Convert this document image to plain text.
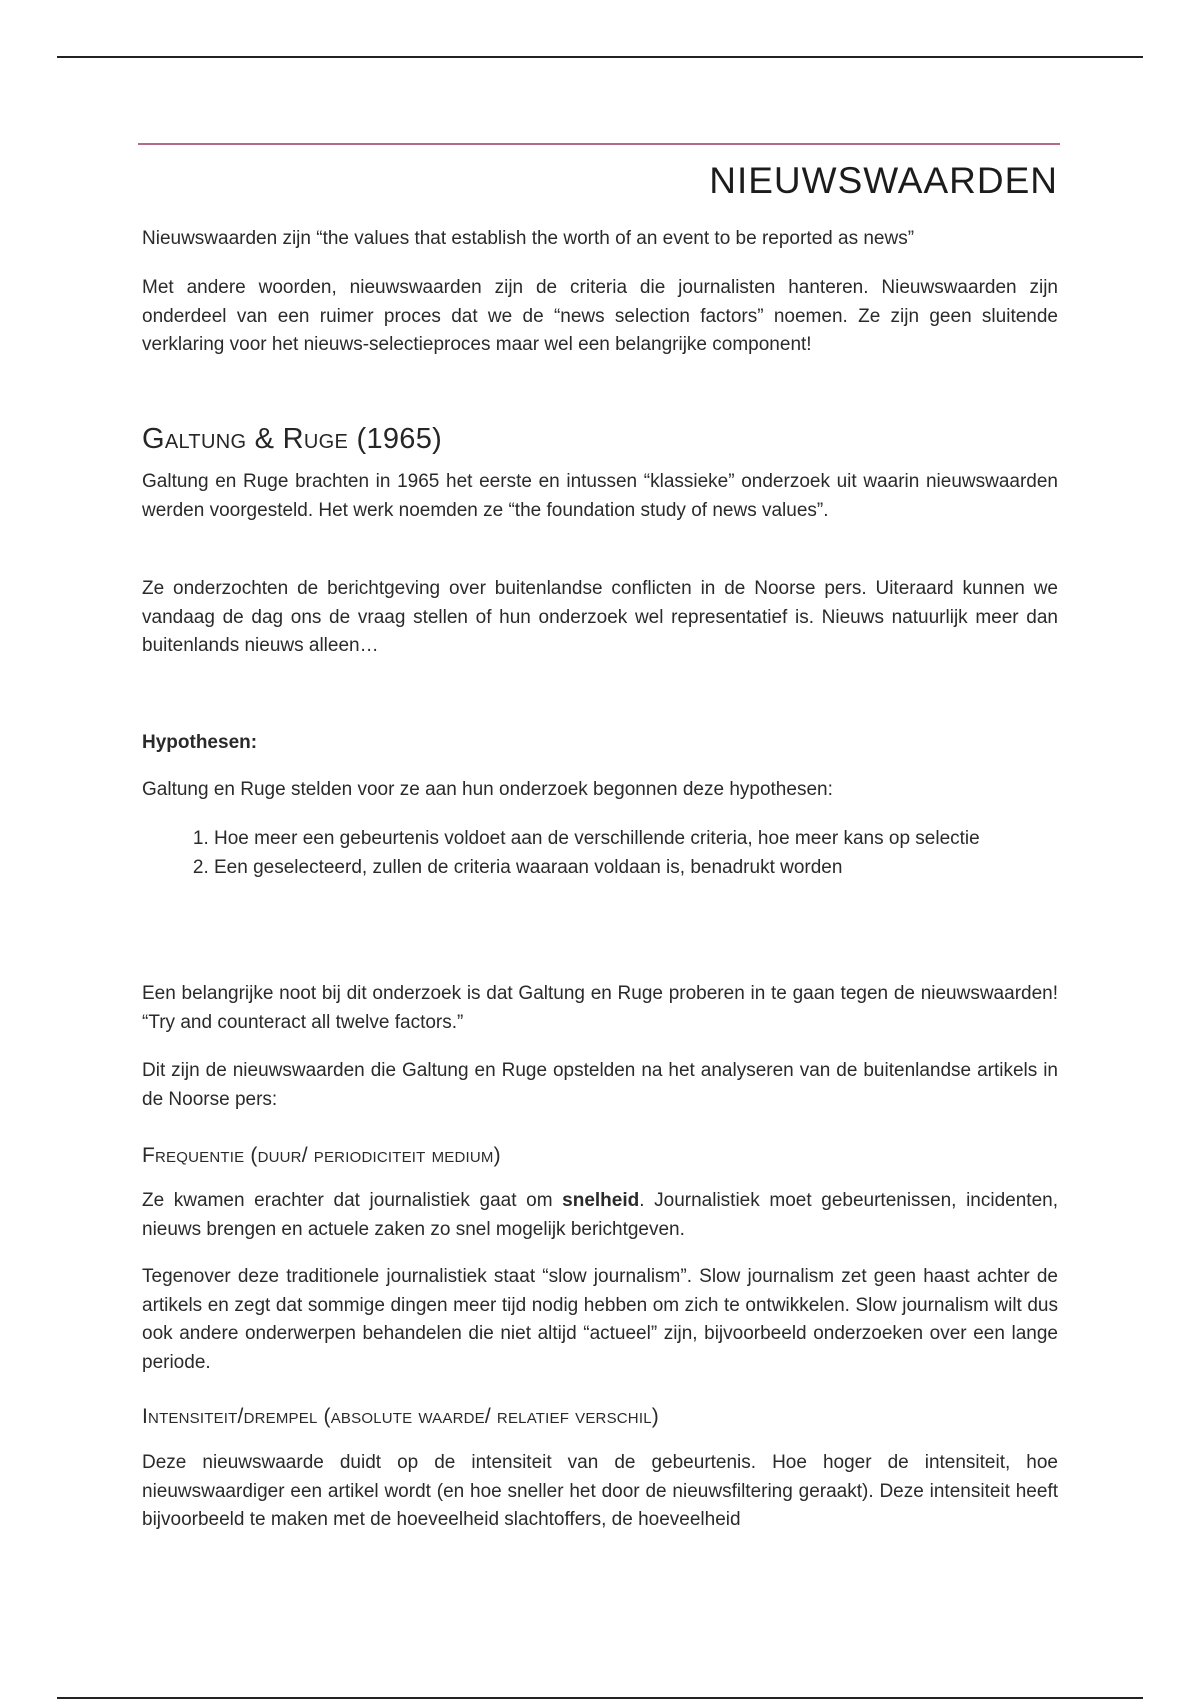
NIEUWSWAARDEN

Nieuwswaarden zijn “the values that establish the worth of an event to be reported as news”

Met andere woorden, nieuwswaarden zijn de criteria die journalisten hanteren. Nieuwswaarden zijn onderdeel van een ruimer proces dat we de “news selection factors” noemen. Ze zijn geen sluitende verklaring voor het nieuws-selectieproces maar wel een belangrijke component!

Galtung & Ruge (1965)

Galtung en Ruge brachten in 1965 het eerste en intussen “klassieke” onderzoek uit waarin nieuwswaarden werden voorgesteld. Het werk noemden ze “the foundation study of news values”.

Ze onderzochten de berichtgeving over buitenlandse conflicten in de Noorse pers. Uiteraard kunnen we vandaag de dag ons de vraag stellen of hun onderzoek wel representatief is. Nieuws natuurlijk meer dan buitenlands nieuws alleen…

Hypothesen:

Galtung en Ruge stelden voor ze aan hun onderzoek begonnen deze hypothesen:

1. Hoe meer een gebeurtenis voldoet aan de verschillende criteria, hoe meer kans op selectie
2. Een geselecteerd, zullen de criteria waaraan voldaan is, benadrukt worden

Een belangrijke noot bij dit onderzoek is dat Galtung en Ruge proberen in te gaan tegen de nieuwswaarden! “Try and counteract all twelve factors.”

Dit zijn de nieuwswaarden die Galtung en Ruge opstelden na het analyseren van de buitenlandse artikels in de Noorse pers:

Frequentie (duur/ periodiciteit medium)

Ze kwamen erachter dat journalistiek gaat om snelheid. Journalistiek moet gebeurtenissen, incidenten, nieuws brengen en actuele zaken zo snel mogelijk berichtgeven.

Tegenover deze traditionele journalistiek staat “slow journalism”. Slow journalism zet geen haast achter de artikels en zegt dat sommige dingen meer tijd nodig hebben om zich te ontwikkelen. Slow journalism wilt dus ook andere onderwerpen behandelen die niet altijd “actueel” zijn, bijvoorbeeld onderzoeken over een lange periode.

Intensiteit/drempel (absolute waarde/ relatief verschil)

Deze nieuwswaarde duidt op de intensiteit van de gebeurtenis. Hoe hoger de intensiteit, hoe nieuwswaardiger een artikel wordt (en hoe sneller het door de nieuwsfiltering geraakt). Deze intensiteit heeft bijvoorbeeld te maken met de hoeveelheid slachtoffers, de hoeveelheid
